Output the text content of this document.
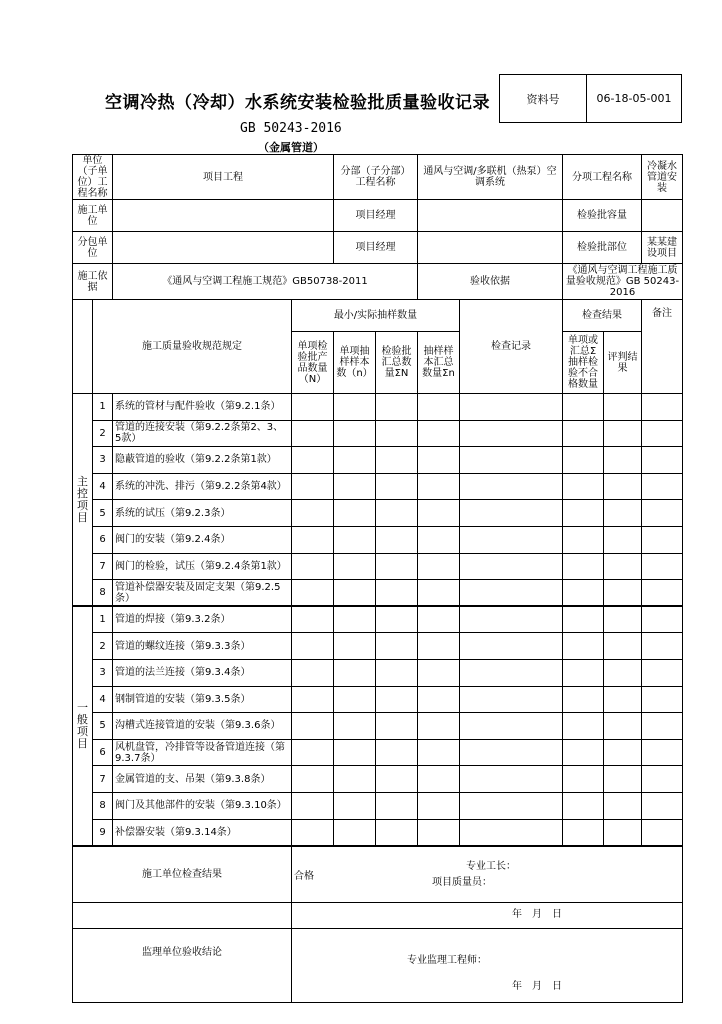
空调冷热（冷却）水系统安装检验批质量验收记录
GB 50243-2016
（金属管道）
资料号	06-18-05-001
单位（子单位）工程名称		项目工程		分部（子分部）工程名称		通风与空调/多联机（热泵）空调系统		分项工程名称		冷凝水管道安装
施工单位				项目经理				检验批容量		
分包单位				项目经理				检验批部位		某某建设项目
施工依据		《通风与空调工程施工规范》GB50738-2011				验收依据		《通风与空调工程施工质量验收规范》GB 50243-2016		
	施工质量验收规范规定		最小/实际抽样数量				检查记录	检查结果		备注
			单项检验批产品数量（N）	单项抽样样本数（n）	检验批汇总数量ΣN	抽样样本汇总数量Σn		单项或汇总Σ抽样检验不合格数量	评判结果	

主控项目	1	系统的管材与配件验收（第9.2.1条）								
	2	管道的连接安装（第9.2.2条第2、3、5款）								
	3	隐蔽管道的验收（第9.2.2条第1款）								
	4	系统的冲洗、排污（第9.2.2条第4款）								
	5	系统的试压（第9.2.3条）								
	6	阀门的安装（第9.2.4条）								
	7	阀门的检验，试压（第9.2.4条第1款）								
	8	管道补偿器安装及固定支架（第9.2.5条）								

一般项目	1	管道的焊接（第9.3.2条）								
	2	管道的螺纹连接（第9.3.3条）								
	3	管道的法兰连接（第9.3.4条）								
	4	钢制管道的安装（第9.3.5条）								
	5	沟槽式连接管道的安装（第9.3.6条）								
	6	风机盘管，冷排管等设备管道连接（第9.3.7条）								
	7	金属管道的支、吊架（第9.3.8条）								
	8	阀门及其他部件的安装（第9.3.10条）								
	9	补偿器安装（第9.3.14条）								
施工单位检查结果			合格
专业工长：
项目质量员：							

			年　月　日							

监理单位验收结论			专业监理工程师：							

			年　月　日							
